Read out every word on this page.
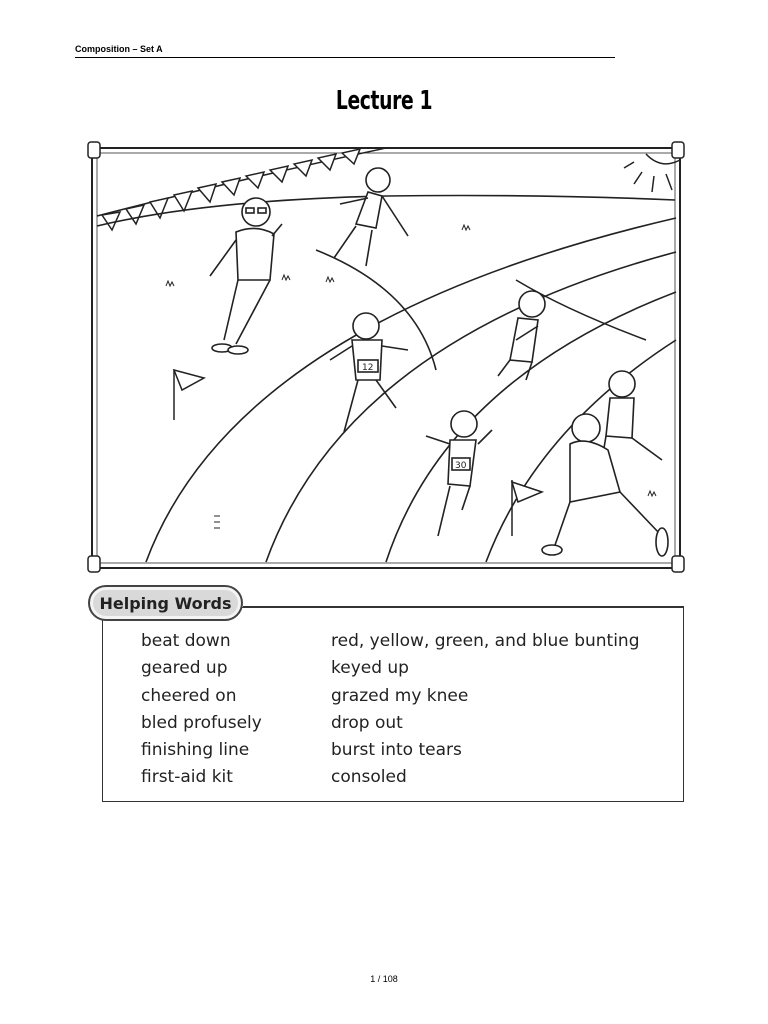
Composition – Set A
Lecture 1
12
30
Helping Words
beat down
geared up
cheered on
bled profusely
finishing line
first-aid kit
red, yellow, green, and blue bunting
keyed up
grazed my knee
drop out
burst into tears
consoled
1 / 108
